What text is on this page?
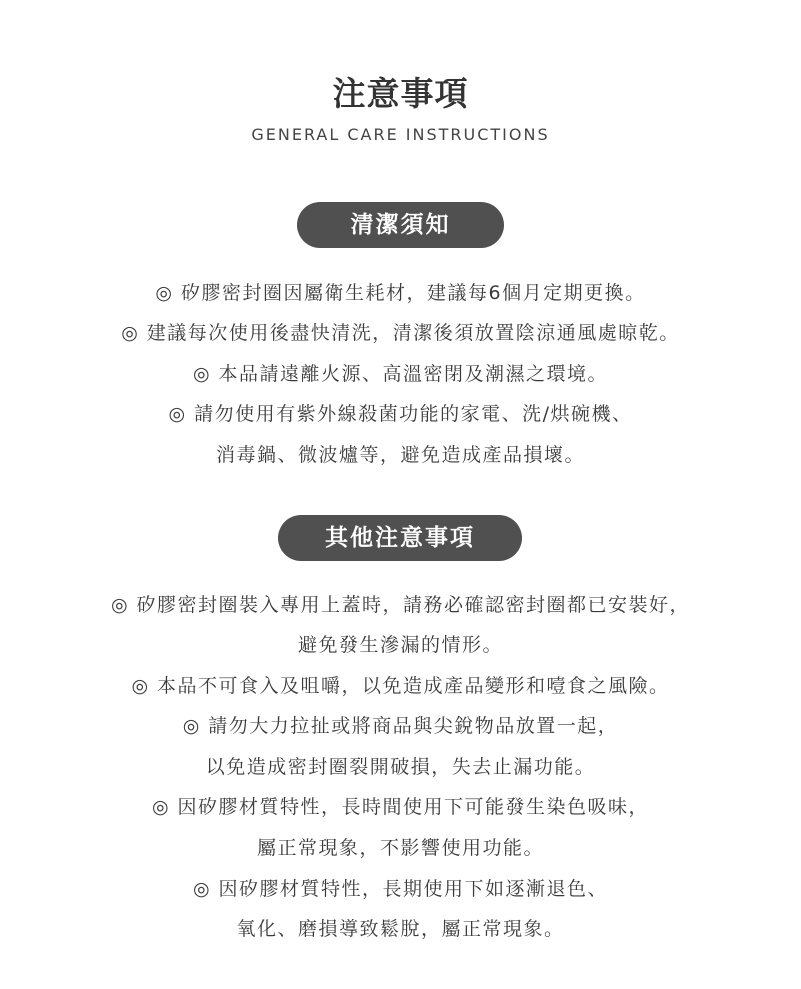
注意事項
GENERAL CARE INSTRUCTIONS
清潔須知
◎ 矽膠密封圈因屬衛生耗材，建議每6個月定期更換。
◎ 建議每次使用後盡快清洗，清潔後須放置陰涼通風處晾乾。
◎ 本品請遠離火源、高溫密閉及潮濕之環境。
◎ 請勿使用有紫外線殺菌功能的家電、洗/烘碗機、
消毒鍋、微波爐等，避免造成產品損壞。
其他注意事項
◎ 矽膠密封圈裝入專用上蓋時，請務必確認密封圈都已安裝好，
避免發生滲漏的情形。
◎ 本品不可食入及咀嚼，以免造成產品變形和噎食之風險。
◎ 請勿大力拉扯或將商品與尖銳物品放置一起，
以免造成密封圈裂開破損，失去止漏功能。
◎ 因矽膠材質特性，長時間使用下可能發生染色吸味，
屬正常現象，不影響使用功能。
◎ 因矽膠材質特性，長期使用下如逐漸退色、
氧化、磨損導致鬆脫，屬正常現象。
